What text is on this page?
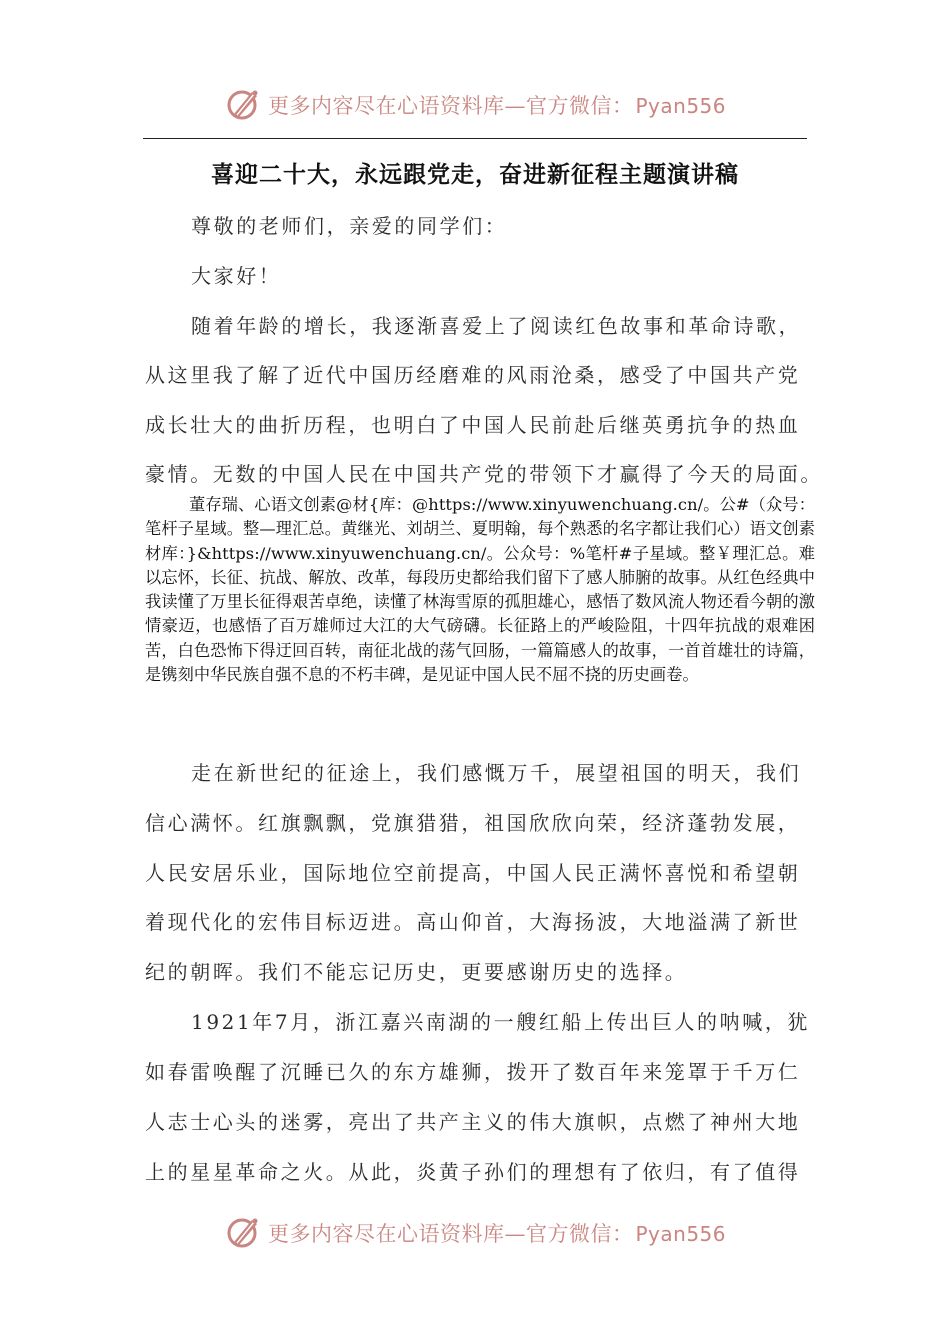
更多内容尽在心语资料库—官方微信： Pyan556
喜迎二十大，永远跟党走，奋进新征程主题演讲稿
尊敬的老师们，亲爱的同学们：
大家好！
随着年龄的增长，我逐渐喜爱上了阅读红色故事和革命诗歌，
从这里我了解了近代中国历经磨难的风雨沧桑，感受了中国共产党
成长壮大的曲折历程，也明白了中国人民前赴后继英勇抗争的热血
豪情。无数的中国人民在中国共产党的带领下才赢得了今天的局面。
董存瑞、心语文创素@材{库：@https://www.xinyuwenchuang.cn/。公#（众号：笔杆子星域。整—理汇总。黄继光、刘胡兰、夏明翰，每个熟悉的名字都让我们心）语文创素材库：}&https://www.xinyuwenchuang.cn/。公众号：%笔杆#子星域。整￥理汇总。难以忘怀，长征、抗战、解放、改革，每段历史都给我们留下了感人肺腑的故事。从红色经典中我读懂了万里长征得艰苦卓绝，读懂了林海雪原的孤胆雄心，感悟了数风流人物还看今朝的激情豪迈，也感悟了百万雄师过大江的大气磅礴。长征路上的严峻险阻，十四年抗战的艰难困苦，白色恐怖下得迂回百转，南征北战的荡气回肠，一篇篇感人的故事，一首首雄壮的诗篇，是镌刻中华民族自强不息的不朽丰碑，是见证中国人民不屈不挠的历史画卷。
走在新世纪的征途上，我们感慨万千，展望祖国的明天，我们
信心满怀。红旗飘飘，党旗猎猎，祖国欣欣向荣，经济蓬勃发展，
人民安居乐业，国际地位空前提高，中国人民正满怀喜悦和希望朝
着现代化的宏伟目标迈进。高山仰首，大海扬波，大地溢满了新世
纪的朝晖。我们不能忘记历史，更要感谢历史的选择。
1921年7月，浙江嘉兴南湖的一艘红船上传出巨人的呐喊，犹
如春雷唤醒了沉睡已久的东方雄狮，拨开了数百年来笼罩于千万仁
人志士心头的迷雾，亮出了共产主义的伟大旗帜，点燃了神州大地
上的星星革命之火。从此，炎黄子孙们的理想有了依归，有了值得
更多内容尽在心语资料库—官方微信： Pyan556
